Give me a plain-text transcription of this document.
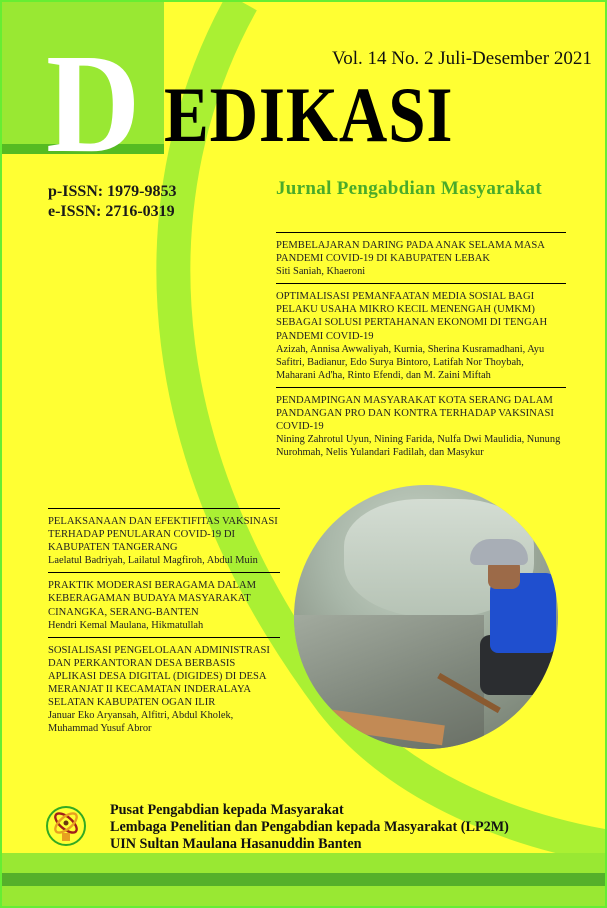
D EDIKASI
Vol. 14 No. 2 Juli-Desember 2021
p-ISSN: 1979-9853
e-ISSN: 2716-0319
Jurnal Pengabdian Masyarakat
PEMBELAJARAN DARING PADA ANAK SELAMA MASA PANDEMI COVID-19 DI KABUPATEN LEBAK
Siti Saniah, Khaeroni
OPTIMALISASI PEMANFAATAN MEDIA SOSIAL BAGI PELAKU USAHA MIKRO KECIL MENENGAH (UMKM) SEBAGAI SOLUSI PERTAHANAN EKONOMI DI TENGAH PANDEMI COVID-19
Azizah, Annisa Awwaliyah, Kurnia, Sherina Kusramadhani, Ayu Safitri, Badianur, Edo Surya Bintoro, Latifah Nor Thoybah, Maharani Ad'ha, Rinto Efendi, dan M. Zaini Miftah
PENDAMPINGAN MASYARAKAT KOTA SERANG DALAM PANDANGAN PRO DAN KONTRA TERHADAP VAKSINASI COVID-19
Nining Zahrotul Uyun, Nining Farida, Nulfa Dwi Maulidia, Nunung Nurohmah, Nelis Yulandari Fadilah, dan Masykur
PELAKSANAAN DAN EFEKTIFITAS VAKSINASI TERHADAP PENULARAN COVID-19 DI KABUPATEN TANGERANG
Laelatul Badriyah, Lailatul Magfiroh, Abdul Muin
PRAKTIK MODERASI BERAGAMA DALAM KEBERAGAMAN BUDAYA MASYARAKAT CINANGKA, SERANG-BANTEN
Hendri Kemal Maulana, Hikmatullah
SOSIALISASI PENGELOLAAN ADMINISTRASI DAN PERKANTORAN DESA BERBASIS APLIKASI DESA DIGITAL (DIGIDES) DI DESA MERANJAT II KECAMATAN INDERALAYA SELATAN KABUPATEN OGAN ILIR
Januar Eko Aryansah, Alfitri, Abdul Kholek, Muhammad Yusuf Abror
Pusat Pengabdian kepada Masyarakat
Lembaga Penelitian dan Pengabdian kepada Masyarakat (LP2M)
UIN Sultan Maulana Hasanuddin Banten
